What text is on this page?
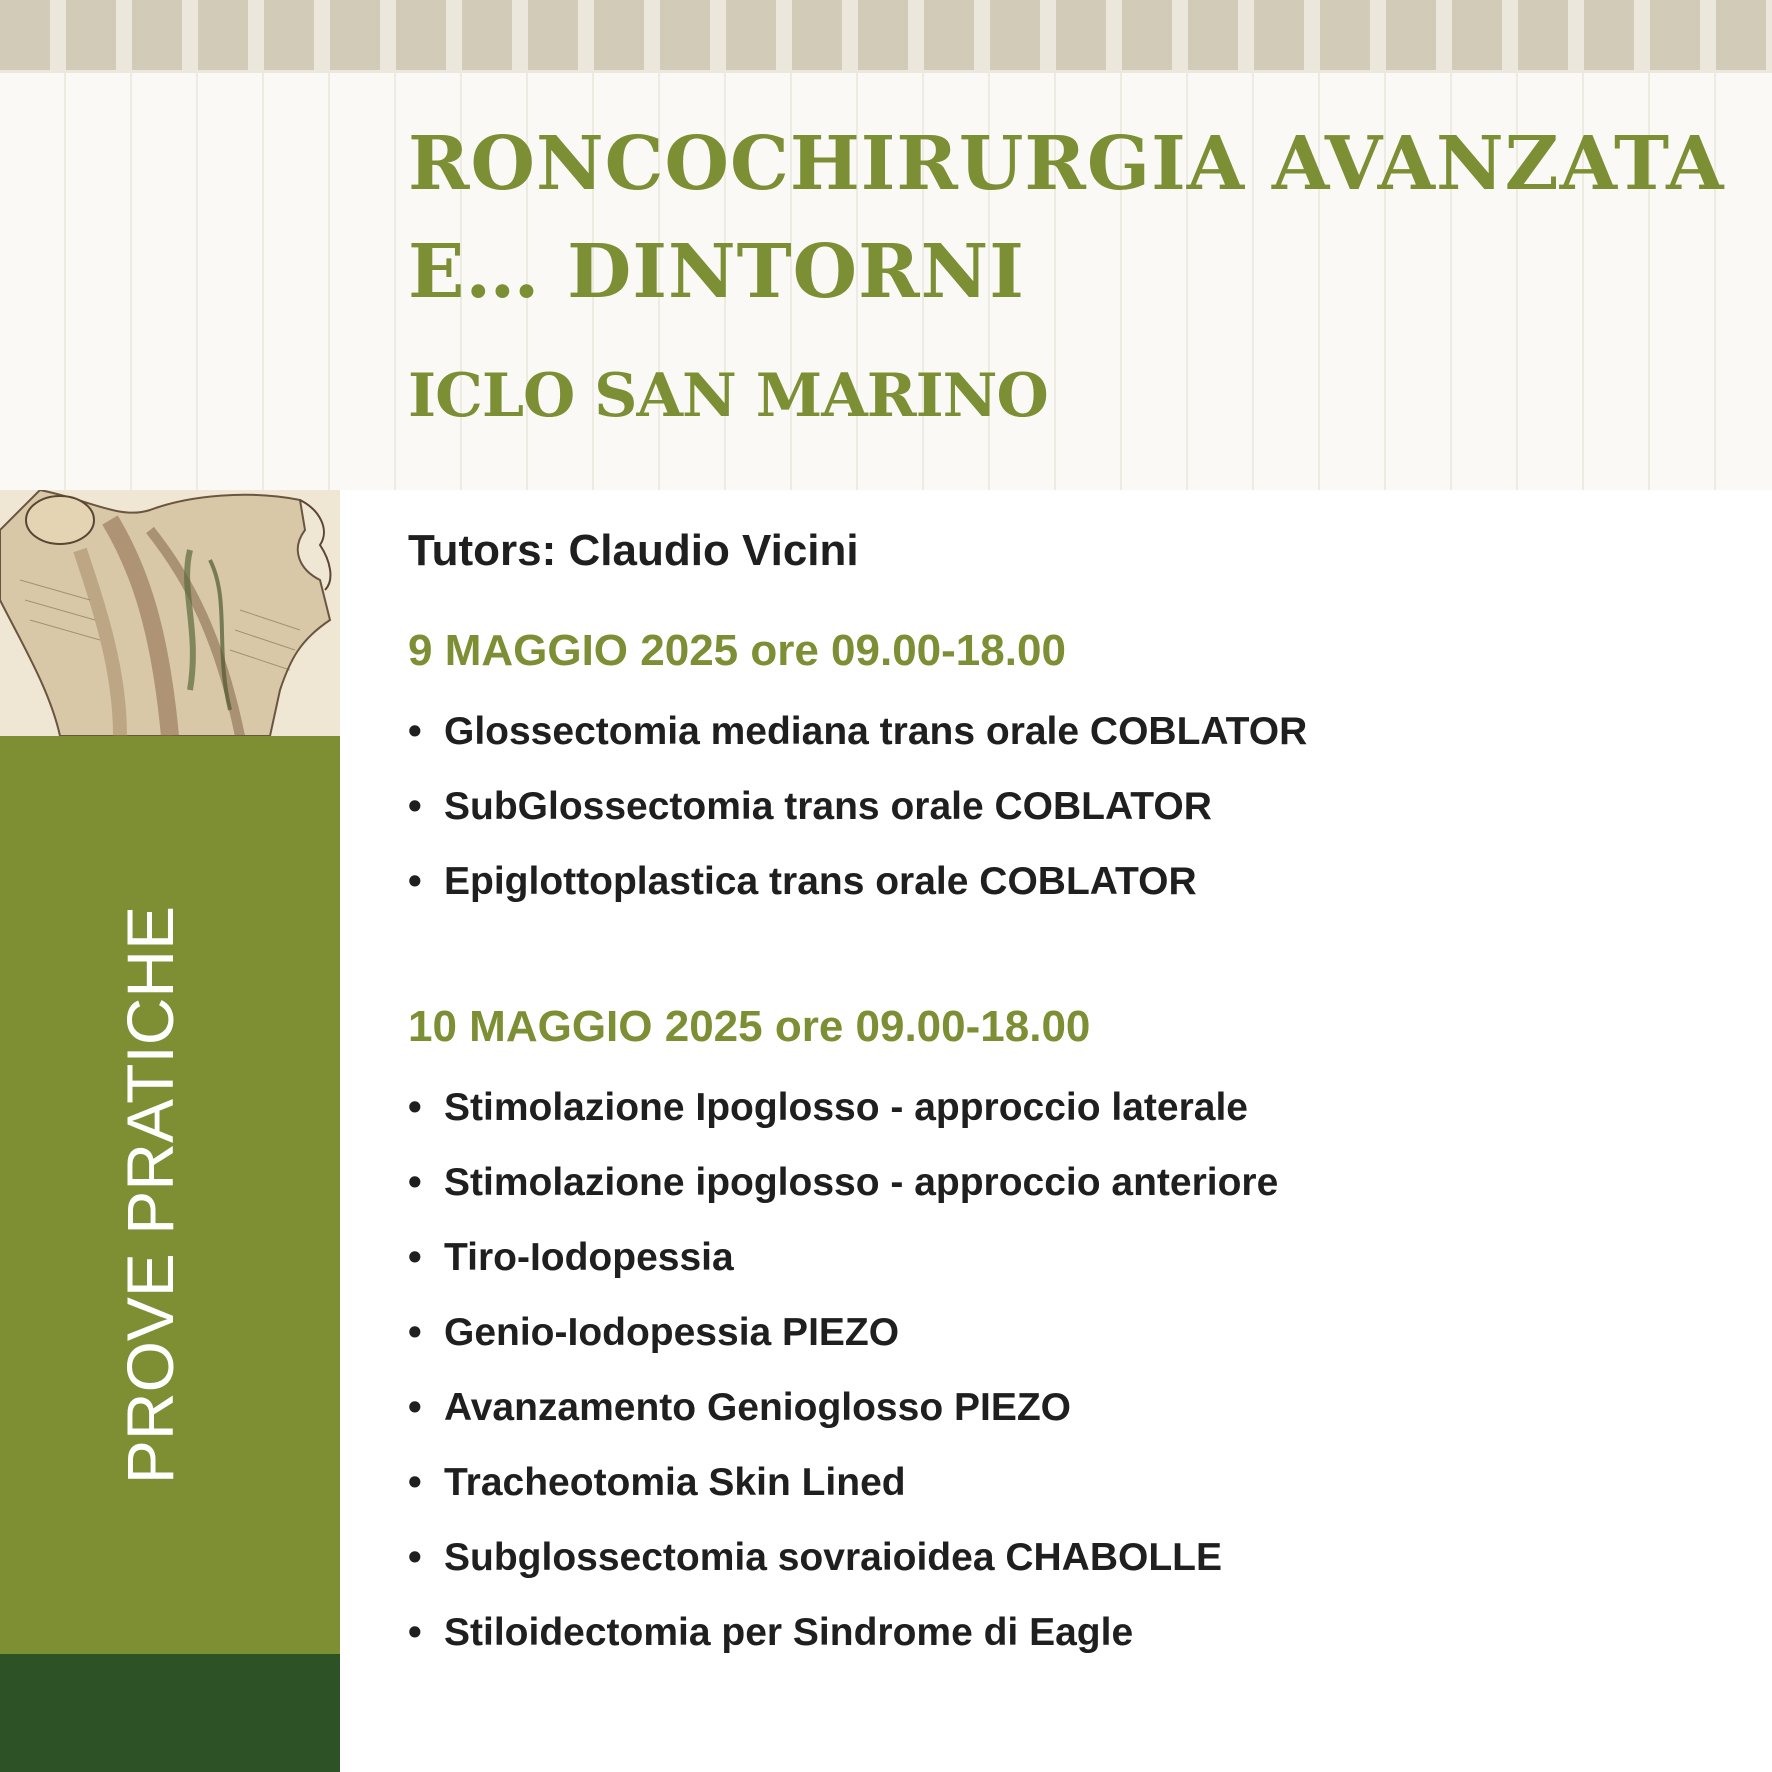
RONCOCHIRURGIA AVANZATA
E… DINTORNI
ICLO SAN MARINO
PROVE PRATICHE

Tutors: Claudio Vicini

9 MAGGIO 2025 ore 09.00-18.00

• Glossectomia mediana trans orale COBLATOR
• SubGlossectomia trans orale COBLATOR
• Epiglottoplastica trans orale COBLATOR

10 MAGGIO 2025 ore 09.00-18.00

• Stimolazione Ipoglosso - approccio laterale
• Stimolazione ipoglosso - approccio anteriore
• Tiro-Iodopessia
• Genio-Iodopessia PIEZO
• Avanzamento Genioglosso PIEZO
• Tracheotomia Skin Lined
• Subglossectomia sovraioidea CHABOLLE
• Stiloidectomia per Sindrome di Eagle
